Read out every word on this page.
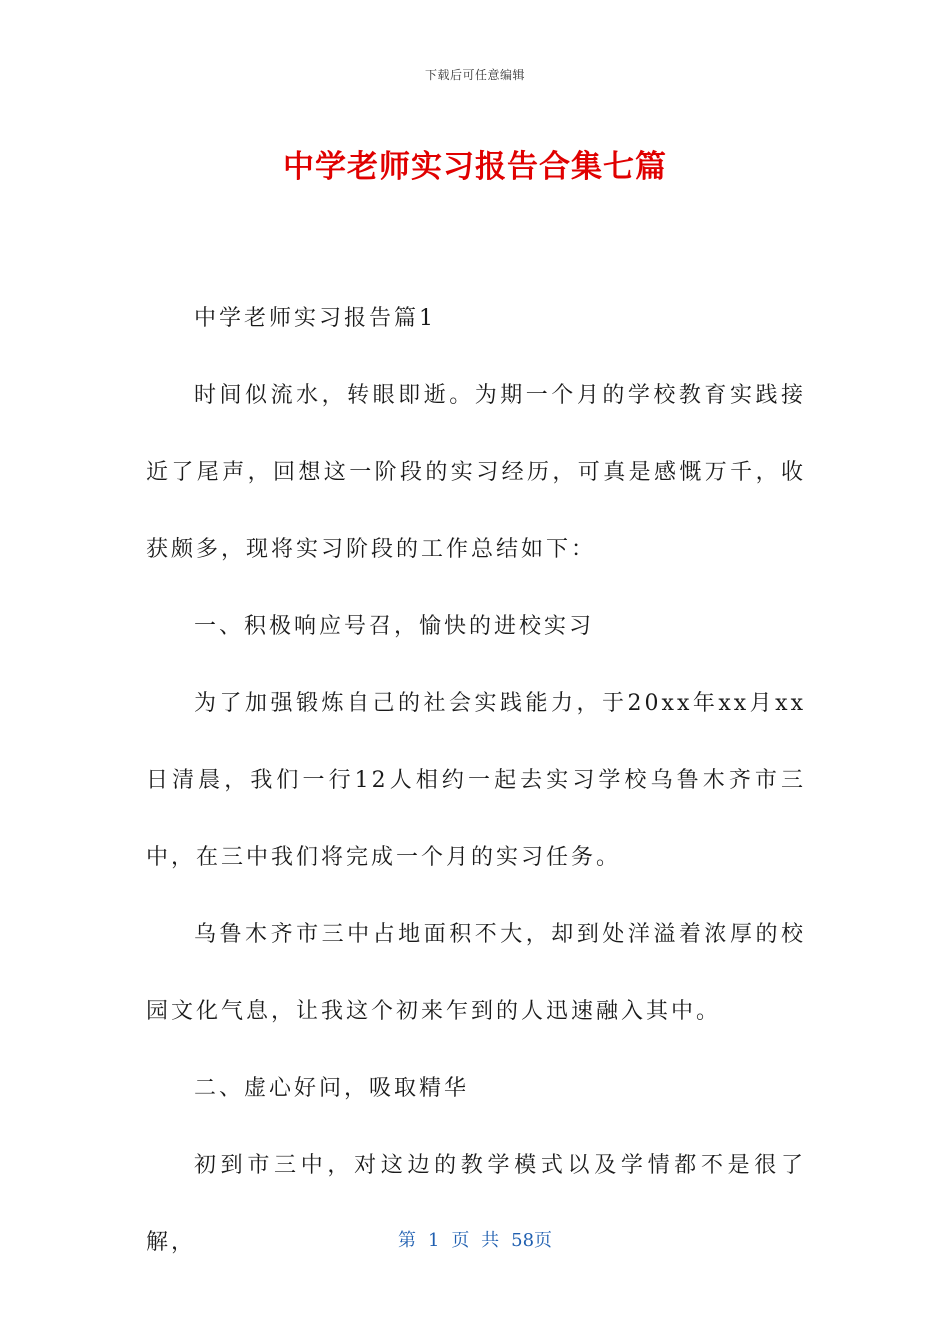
下载后可任意编辑
中学老师实习报告合集七篇

中学老师实习报告篇1

时间似流水，转眼即逝。为期一个月的学校教育实践接近了尾声，回想这一阶段的实习经历，可真是感慨万千，收获颇多，现将实习阶段的工作总结如下：

一、积极响应号召，愉快的进校实习

为了加强锻炼自己的社会实践能力，于20xx年xx月xx日清晨，我们一行12人相约一起去实习学校乌鲁木齐市三中，在三中我们将完成一个月的实习任务。

乌鲁木齐市三中占地面积不大，却到处洋溢着浓厚的校园文化气息，让我这个初来乍到的人迅速融入其中。

二、虚心好问，吸取精华

初到市三中，对这边的教学模式以及学情都不是很了解，	第 1 页 共 58页
